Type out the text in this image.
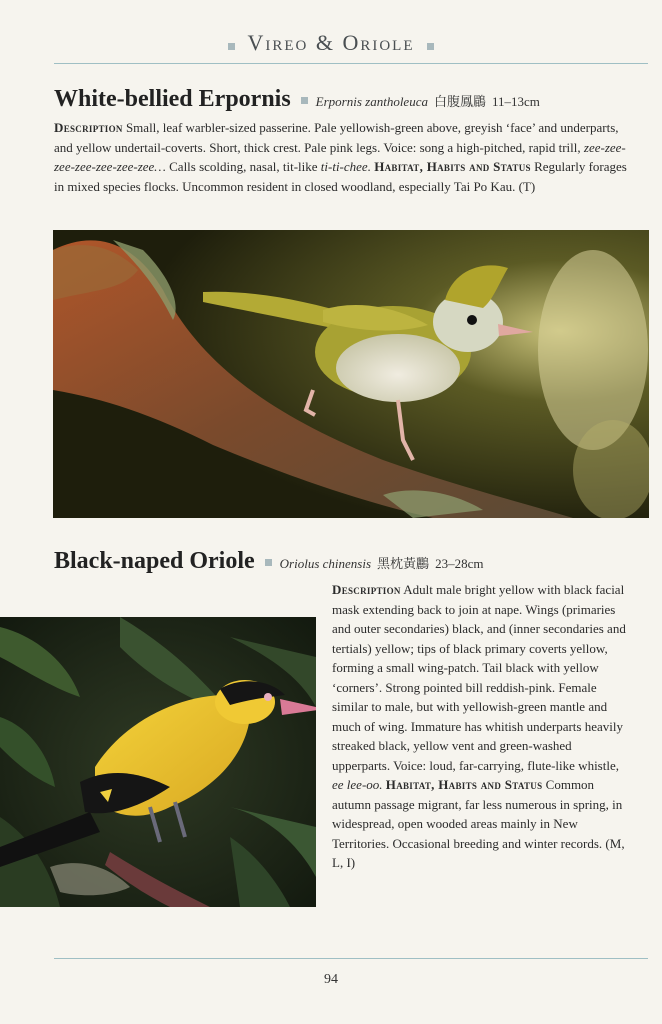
Vireo & Oriole
White-bellied Erpornis Erpornis zantholeuca 白腹鳳鶥 11–13cm
Description Small, leaf warbler-sized passerine. Pale yellowish-green above, greyish ‘face’ and underparts, and yellow undertail-coverts. Short, thick crest. Pale pink legs. Voice: song a high-pitched, rapid trill, zee-zee-zee-zee-zee-zee-zee… Calls scolding, nasal, tit-like ti-ti-chee. Habitat, Habits and Status Regularly forages in mixed species flocks. Uncommon resident in closed woodland, especially Tai Po Kau. (T)
Black-naped Oriole Oriolus chinensis 黑枕黃鸝 23–28cm
Description Adult male bright yellow with black facial mask extending back to join at nape. Wings (primaries and outer secondaries) black, and (inner secondaries and tertials) yellow; tips of black primary coverts yellow, forming a small wing-patch. Tail black with yellow ‘corners’. Strong pointed bill reddish-pink. Female similar to male, but with yellowish-green mantle and much of wing. Immature has whitish underparts heavily streaked black, yellow vent and green-washed upperparts. Voice: loud, far-carrying, flute-like whistle, ee lee-oo. Habitat, Habits and Status Common autumn passage migrant, far less numerous in spring, in widespread, open wooded areas mainly in New Territories. Occasional breeding and winter records. (M, L, I)
94
